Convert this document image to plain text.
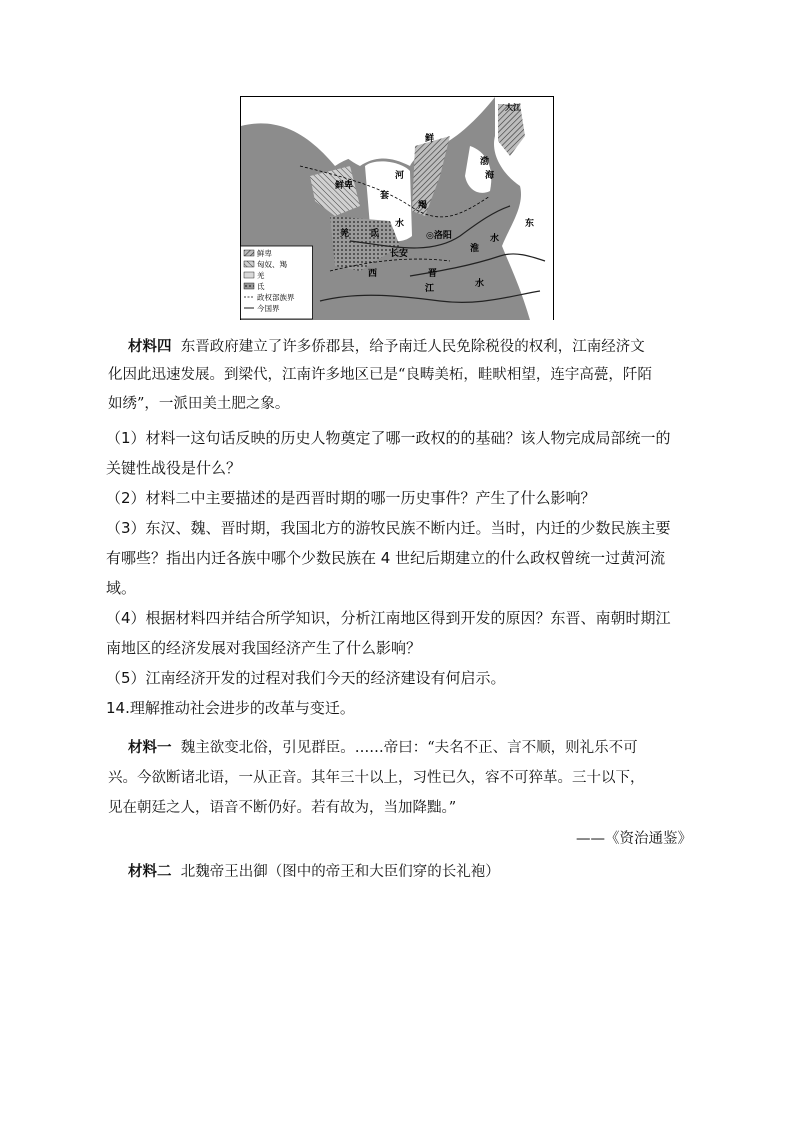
鲜
鲜卑
大江
渤
海
河
套
水
羯
◎洛阳
长安
氐
西	晋
淮
东
江
水
水
羌
鲜卑
匈奴、羯
羌
氐
政权部族界
今国界
材料四 东晋政府建立了许多侨郡县，给予南迁人民免除税役的权利，江南经济文
化因此迅速发展。到梁代，江南许多地区已是“良畴美柘，畦畎相望，连宇高甍，阡陌
如绣”，一派田美土肥之象。
（1）材料一这句话反映的历史人物奠定了哪一政权的的基础？该人物完成局部统一的
关键性战役是什么？
（2）材料二中主要描述的是西晋时期的哪一历史事件？产生了什么影响？
（3）东汉、魏、晋时期，我国北方的游牧民族不断内迁。当时，内迁的少数民族主要
有哪些？指出内迁各族中哪个少数民族在 4 世纪后期建立的什么政权曾统一过黄河流
域。
（4）根据材料四并结合所学知识，分析江南地区得到开发的原因？东晋、南朝时期江
南地区的经济发展对我国经济产生了什么影响？
（5）江南经济开发的过程对我们今天的经济建设有何启示。
14.理解推动社会进步的改革与变迁。
材料一 魏主欲变北俗，引见群臣。……帝曰：“夫名不正、言不顺，则礼乐不可
兴。今欲断诸北语，一从正音。其年三十以上，习性已久，容不可猝革。三十以下，
见在朝廷之人，语音不断仍好。若有故为，当加降黜。”
——《资治通鉴》
材料二 北魏帝王出御（图中的帝王和大臣们穿的长礼袍）
